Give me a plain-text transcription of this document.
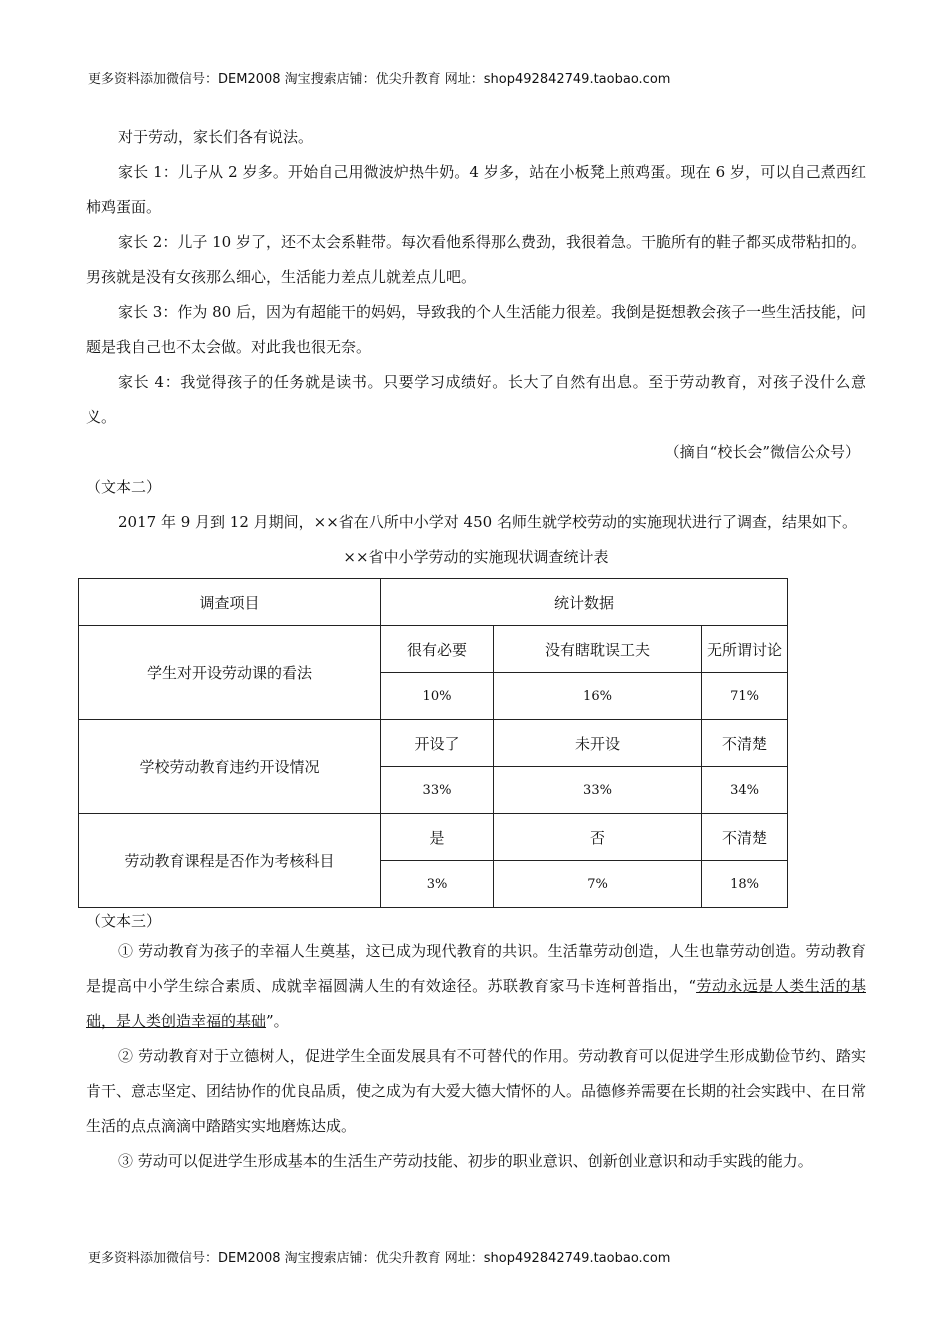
更多资料添加微信号：DEM2008 淘宝搜索店铺：优尖升教育 网址：shop492842749.taobao.com

对于劳动，家长们各有说法。

家长 1：儿子从 2 岁多。开始自己用微波炉热牛奶。4 岁多，站在小板凳上煎鸡蛋。现在 6 岁，可以自己煮西红柿鸡蛋面。

家长 2：儿子 10 岁了，还不太会系鞋带。每次看他系得那么费劲，我很着急。干脆所有的鞋子都买成带粘扣的。男孩就是没有女孩那么细心，生活能力差点儿就差点儿吧。

家长 3：作为 80 后，因为有超能干的妈妈，导致我的个人生活能力很差。我倒是挺想教会孩子一些生活技能，问题是我自己也不太会做。对此我也很无奈。

家长 4：我觉得孩子的任务就是读书。只要学习成绩好。长大了自然有出息。至于劳动教育，对孩子没什么意义。

（摘自“校长会”微信公众号）

（文本二）

2017 年 9 月到 12 月期间，××省在八所中小学对 450 名师生就学校劳动的实施现状进行了调查，结果如下。

××省中小学劳动的实施现状调查统计表

调查项目	统计数据		
学生对开设劳动课的看法	很有必要	没有瞎耽误工夫	无所谓讨论
	10%	16%	71%
学校劳动教育违约开设情况	开设了	未开设	不清楚
	33%	33%	34%
劳动教育课程是否作为考核科目	是	否	不清楚
	3%	7%	18%

（文本三）

① 劳动教育为孩子的幸福人生奠基，这已成为现代教育的共识。生活靠劳动创造，人生也靠劳动创造。劳动教育是提高中小学生综合素质、成就幸福圆满人生的有效途径。苏联教育家马卡连柯普指出，“劳动永远是人类生活的基础，是人类创造幸福的基础”。

② 劳动教育对于立德树人，促进学生全面发展具有不可替代的作用。劳动教育可以促进学生形成勤俭节约、踏实肯干、意志坚定、团结协作的优良品质，使之成为有大爱大德大情怀的人。品德修养需要在长期的社会实践中、在日常生活的点点滴滴中踏踏实实地磨炼达成。

③ 劳动可以促进学生形成基本的生活生产劳动技能、初步的职业意识、创新创业意识和动手实践的能力。

更多资料添加微信号：DEM2008 淘宝搜索店铺：优尖升教育 网址：shop492842749.taobao.com
